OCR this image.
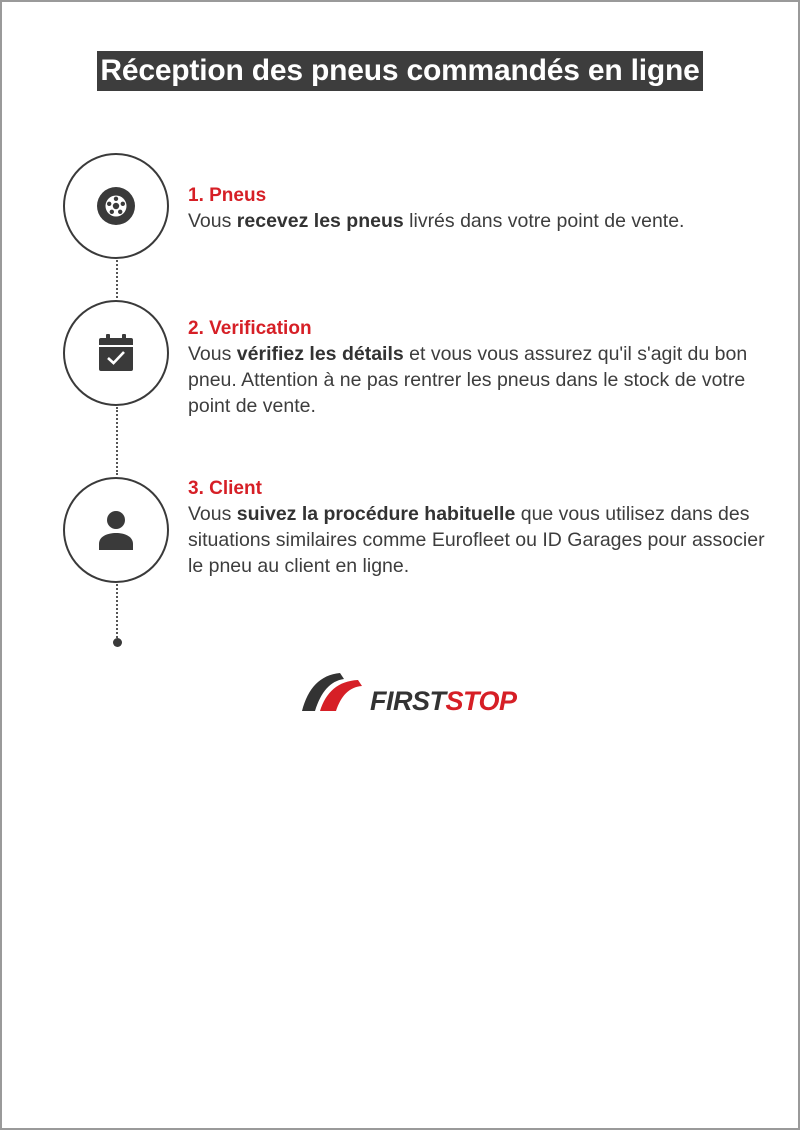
Réception des pneus commandés en ligne
1. Pneus
Vous recevez les pneus livrés dans votre point de vente.
2. Verification
Vous vérifiez les détails et vous vous assurez qu'il s'agit du bon pneu. Attention à ne pas rentrer les pneus dans le stock de votre point de vente.
3. Client
Vous suivez la procédure habituelle que vous utilisez dans des situations similaires comme Eurofleet ou ID Garages pour associer le pneu au client en ligne.
FIRSTSTOP
